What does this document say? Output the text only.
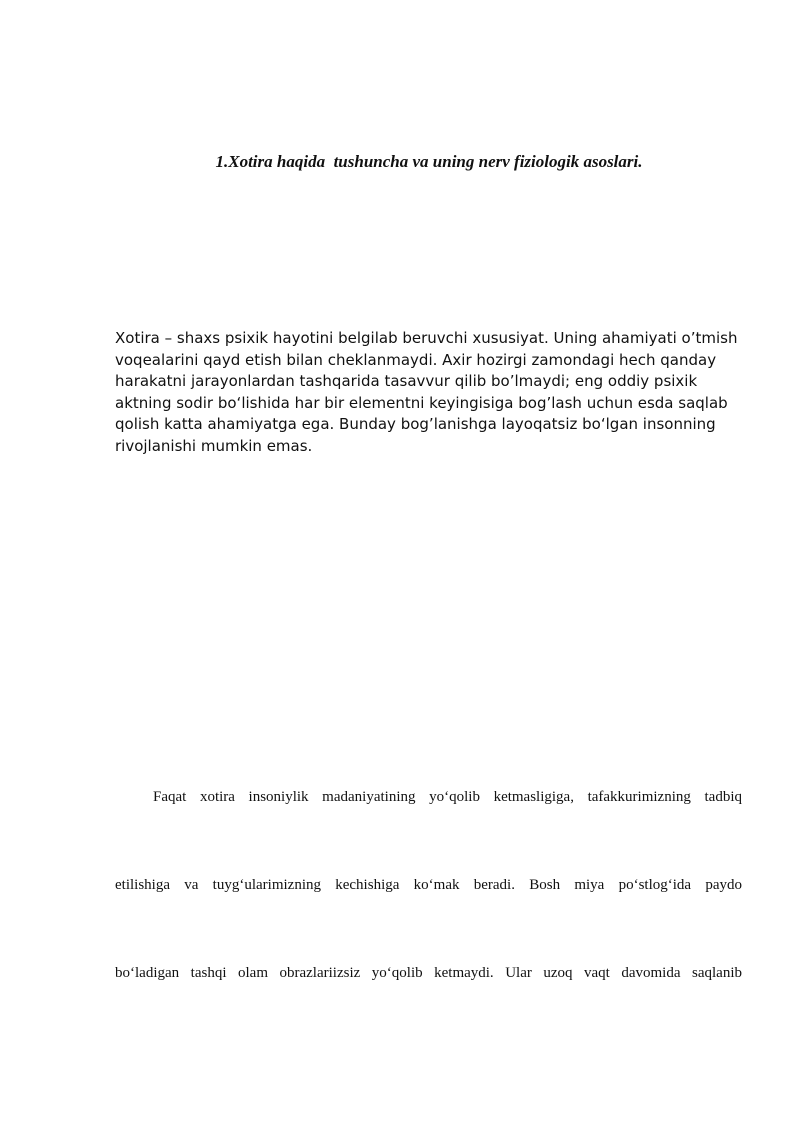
1.Xotira haqida  tushuncha va uning nerv fiziologik asoslari.
Xotira – shaxs psixik hayotini belgilab beruvchi xususiyat. Uning ahamiyati o’tmish voqealarini qayd etish bilan cheklanmaydi. Axir hozirgi zamondagi hech qanday harakatni jarayonlardan tashqarida tasavvur qilib bo’lmaydi; eng oddiy psixik aktning sodir bo‘lishida har bir elementni keyingisiga bog’lash uchun esda saqlab qolish katta ahamiyatga ega. Bunday bog’lanishga layoqatsiz bo‘lgan insonning rivojlanishi mumkin emas.
Faqat xotira insoniylik madaniyatining yo‘qolib ketmasligiga, tafakkurimizning tadbiq
etilishiga va tuyg‘ularimizning kechishiga ko‘mak beradi. Bosh miya po‘stlog‘ida paydo
bo‘ladigan tashqi olam obrazlariizsiz yo‘qolib ketmaydi. Ular uzoq vaqt davomida saqlanib
